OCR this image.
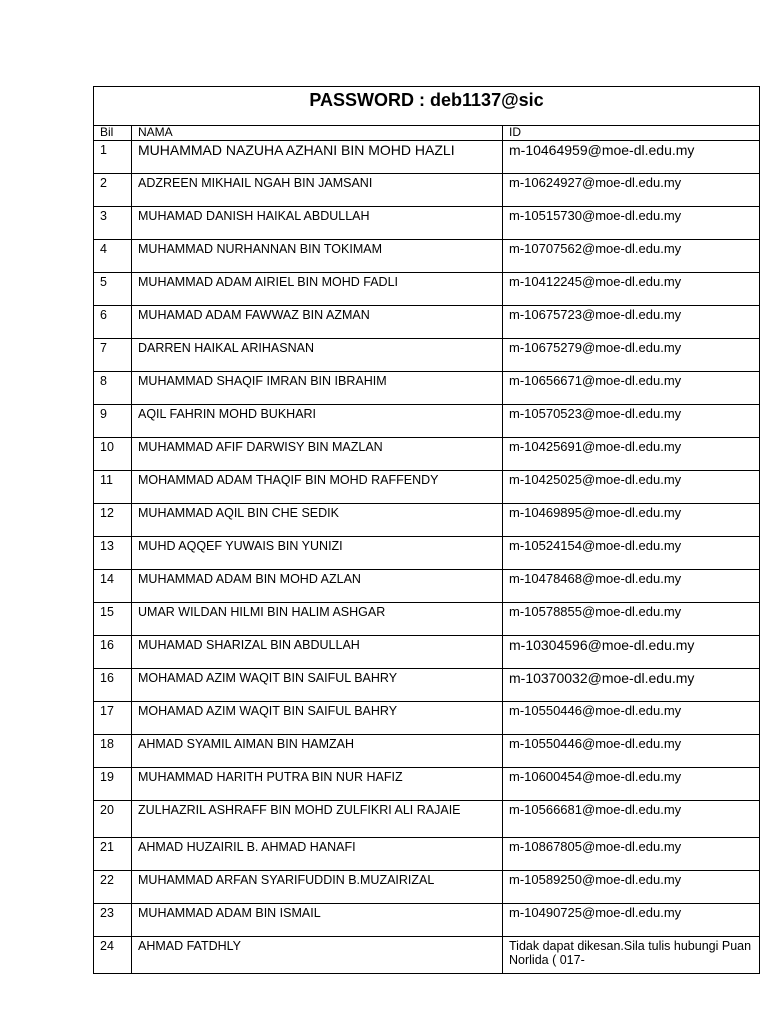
PASSWORD : deb1137@sic		
Bil	NAMA	ID
1	MUHAMMAD NAZUHA AZHANI BIN MOHD HAZLI	m-10464959@moe-dl.edu.my
2	ADZREEN MIKHAIL NGAH BIN JAMSANI	m-10624927@moe-dl.edu.my
3	MUHAMAD DANISH HAIKAL ABDULLAH	m-10515730@moe-dl.edu.my
4	MUHAMMAD NURHANNAN BIN TOKIMAM	m-10707562@moe-dl.edu.my
5	MUHAMMAD ADAM AIRIEL BIN MOHD FADLI	m-10412245@moe-dl.edu.my
6	MUHAMAD ADAM FAWWAZ BIN AZMAN	m-10675723@moe-dl.edu.my
7	DARREN HAIKAL ARIHASNAN	m-10675279@moe-dl.edu.my
8	MUHAMMAD SHAQIF IMRAN BIN IBRAHIM	m-10656671@moe-dl.edu.my
9	AQIL FAHRIN MOHD BUKHARI	m-10570523@moe-dl.edu.my
10	MUHAMMAD AFIF DARWISY BIN MAZLAN	m-10425691@moe-dl.edu.my
11	MOHAMMAD ADAM THAQIF BIN MOHD RAFFENDY	m-10425025@moe-dl.edu.my
12	MUHAMMAD AQIL BIN CHE SEDIK	m-10469895@moe-dl.edu.my
13	MUHD AQQEF YUWAIS BIN YUNIZI	m-10524154@moe-dl.edu.my
14	MUHAMMAD ADAM BIN MOHD AZLAN	m-10478468@moe-dl.edu.my
15	UMAR WILDAN HILMI BIN HALIM ASHGAR	m-10578855@moe-dl.edu.my
16	MUHAMAD SHARIZAL BIN ABDULLAH	m-10304596@moe-dl.edu.my
16	MOHAMAD AZIM WAQIT BIN SAIFUL BAHRY	m-10370032@moe-dl.edu.my
17	MOHAMAD AZIM WAQIT BIN SAIFUL BAHRY	m-10550446@moe-dl.edu.my
18	AHMAD SYAMIL AIMAN BIN HAMZAH	m-10550446@moe-dl.edu.my
19	MUHAMMAD HARITH PUTRA BIN NUR HAFIZ	m-10600454@moe-dl.edu.my
20	ZULHAZRIL ASHRAFF BIN MOHD ZULFIKRI ALI RAJAIE	m-10566681@moe-dl.edu.my
21	AHMAD HUZAIRIL B. AHMAD HANAFI	m-10867805@moe-dl.edu.my
22	MUHAMMAD ARFAN SYARIFUDDIN B.MUZAIRIZAL	m-10589250@moe-dl.edu.my
23	MUHAMMAD ADAM BIN ISMAIL	m-10490725@moe-dl.edu.my
24	AHMAD FATDHLY	Tidak dapat dikesan.Sila tulis hubungi Puan Norlida ( 017-
